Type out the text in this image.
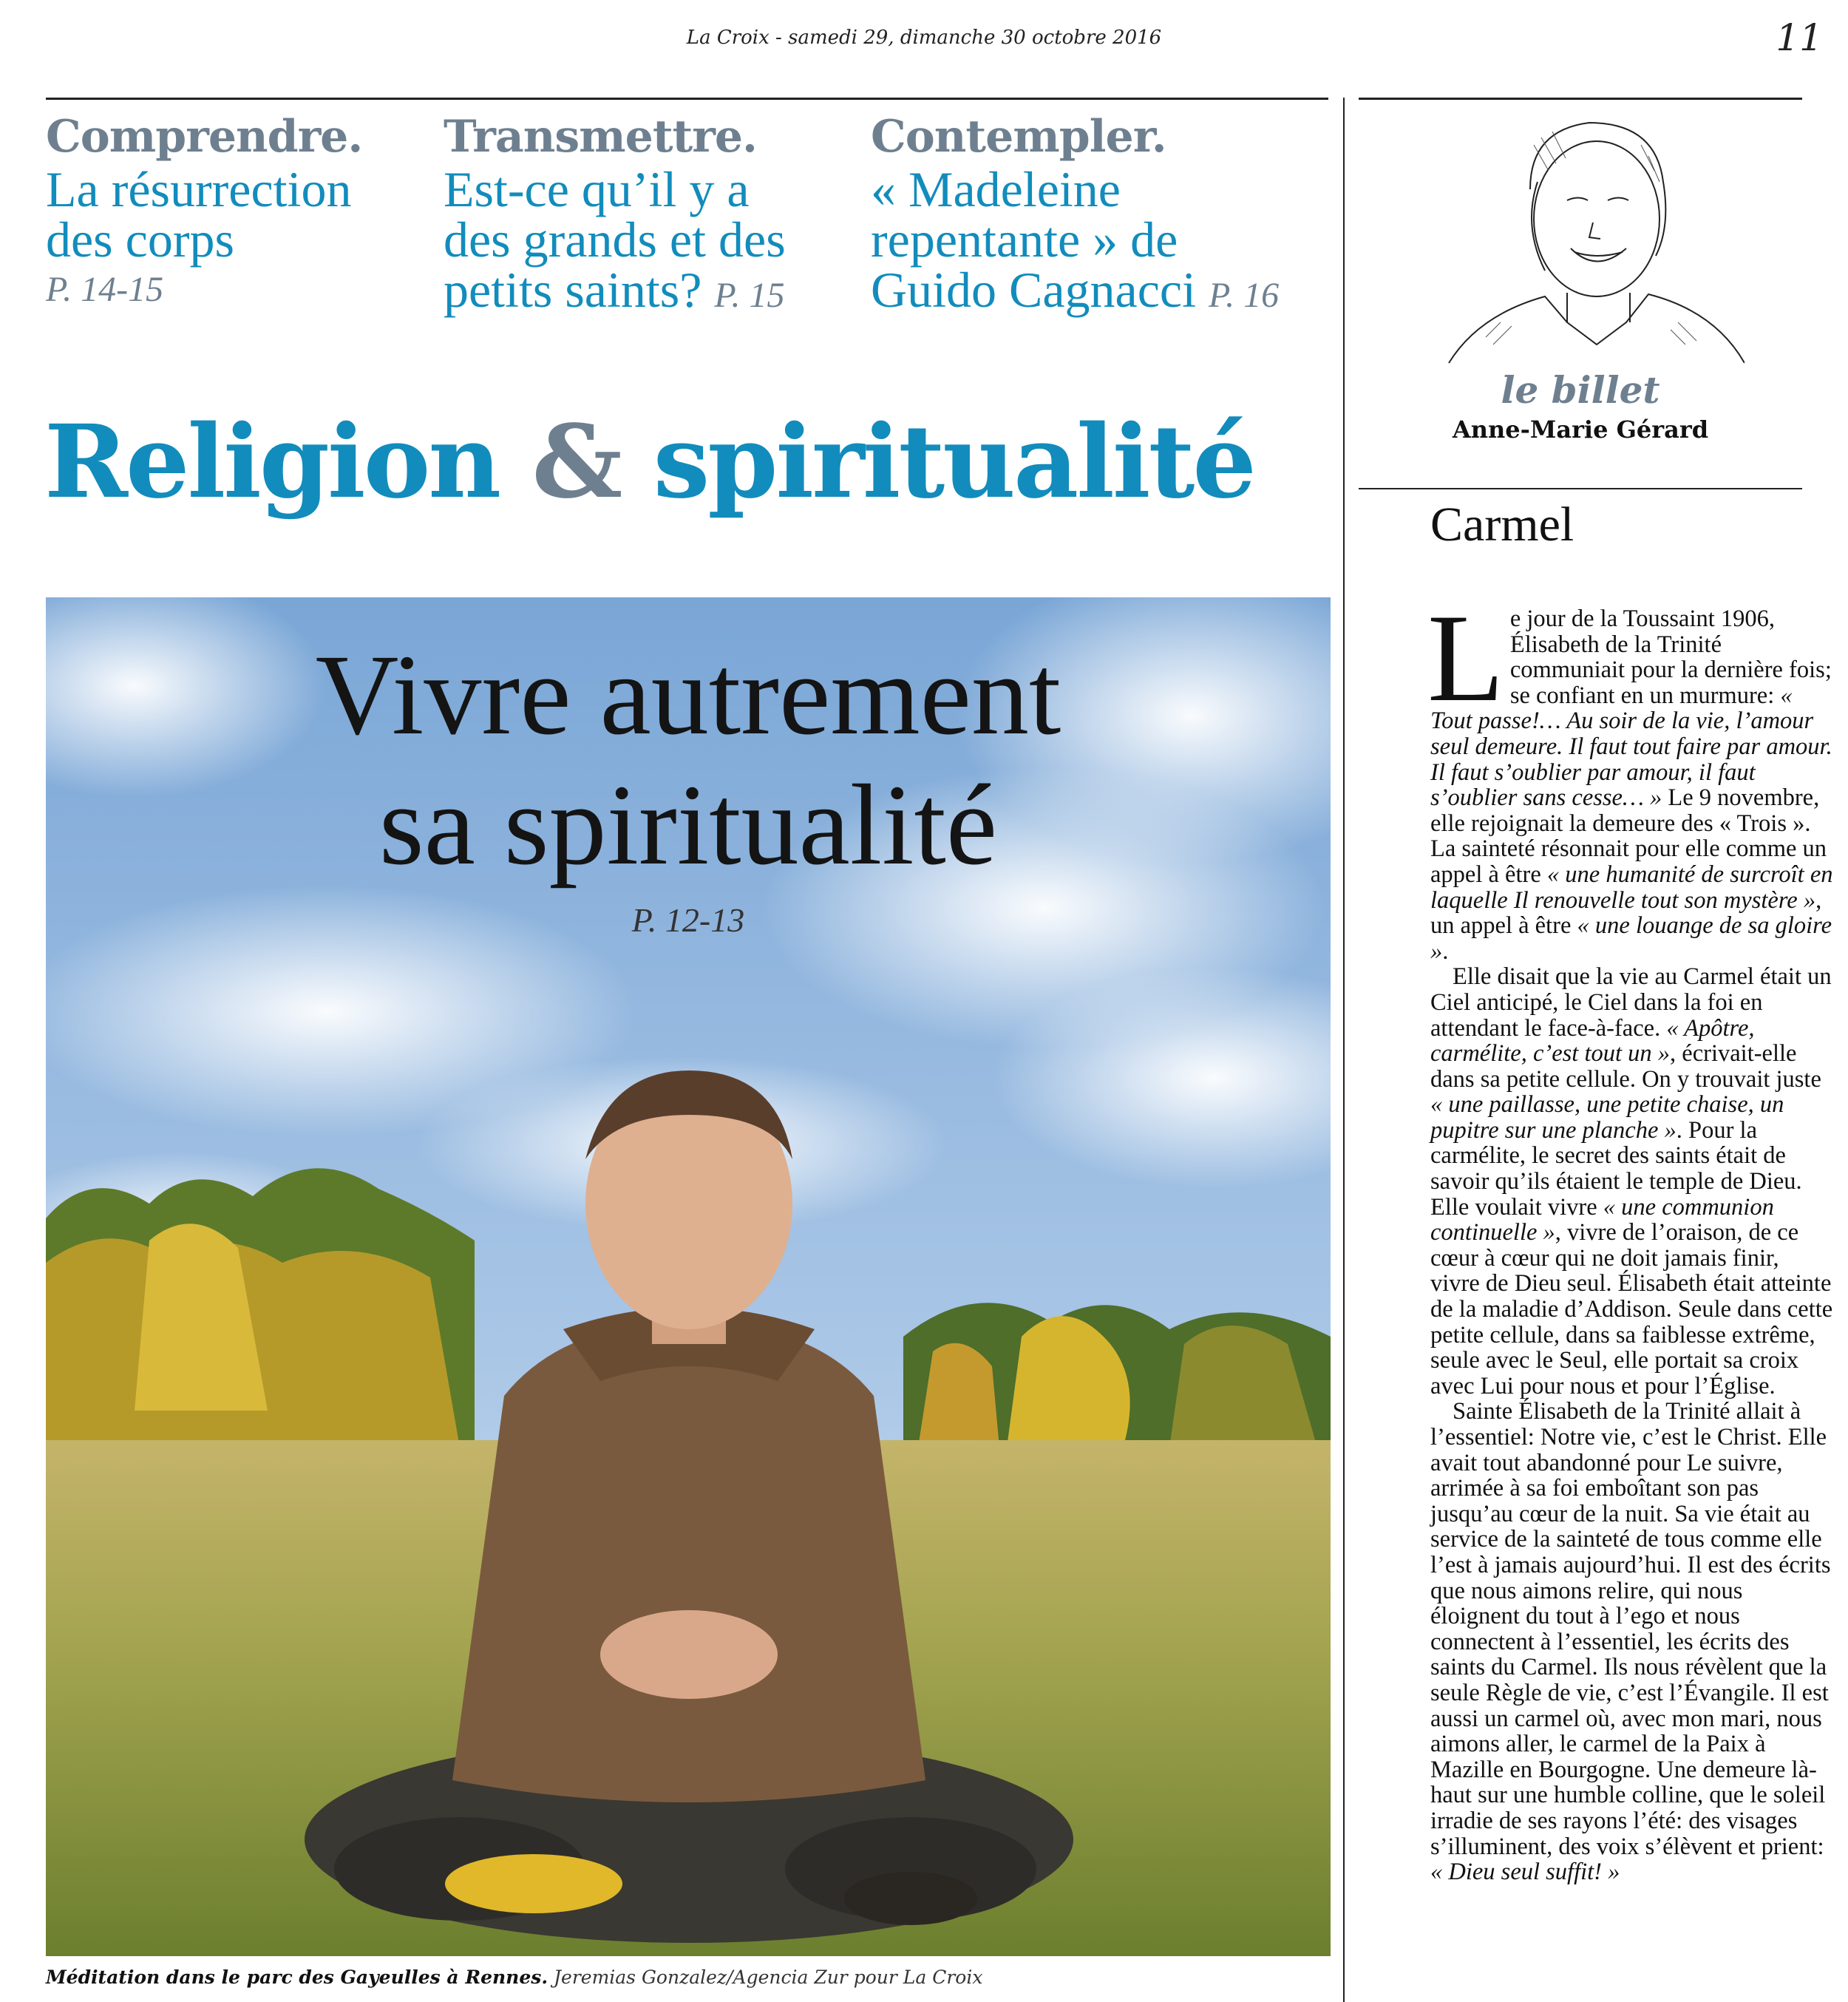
La Croix - samedi 29, dimanche 30 octobre 2016	11
Comprendre.
La résurrection
des corps
P. 14-15
Transmettre.
Est-ce qu’il y a
des grands et des
petits saints? P. 15
Contempler.
« Madeleine
repentante » de
Guido Cagnacci P. 16
Religion & spiritualité
Vivre autrement
sa spiritualité
P. 12-13
Méditation dans le parc des Gayeulles à Rennes. Jeremias Gonzalez/Agencia Zur pour La Croix
le billet
Anne-Marie Gérard
Carmel

Le jour de la Toussaint 1906, Élisabeth de la Trinité communiait pour la dernière fois; se confiant en un murmure: « Tout passe!… Au soir de la vie, l’amour seul demeure. Il faut tout faire par amour. Il faut s’oublier par amour, il faut s’oublier sans cesse… » Le 9 novembre, elle rejoignait la demeure des « Trois ». La sainteté résonnait pour elle comme un appel à être « une humanité de surcroît en laquelle Il renouvelle tout son mystère », un appel à être « une louange de sa gloire ».

Elle disait que la vie au Carmel était un Ciel anticipé, le Ciel dans la foi en attendant le face-à-face. « Apôtre, carmélite, c’est tout un », écrivait-elle dans sa petite cellule. On y trouvait juste « une paillasse, une petite chaise, un pupitre sur une planche ». Pour la carmélite, le secret des saints était de savoir qu’ils étaient le temple de Dieu. Elle voulait vivre « une communion continuelle », vivre de l’oraison, de ce cœur à cœur qui ne doit jamais finir, vivre de Dieu seul. Élisabeth était atteinte de la maladie d’Addison. Seule dans cette petite cellule, dans sa faiblesse extrême, seule avec le Seul, elle portait sa croix avec Lui pour nous et pour l’Église.

Sainte Élisabeth de la Trinité allait à l’essentiel: Notre vie, c’est le Christ. Elle avait tout abandonné pour Le suivre, arrimée à sa foi emboîtant son pas jusqu’au cœur de la nuit. Sa vie était au service de la sainteté de tous comme elle l’est à jamais aujourd’hui. Il est des écrits que nous aimons relire, qui nous éloignent du tout à l’ego et nous connectent à l’essentiel, les écrits des saints du Carmel. Ils nous révèlent que la seule Règle de vie, c’est l’Évangile. Il est aussi un carmel où, avec mon mari, nous aimons aller, le carmel de la Paix à Mazille en Bourgogne. Une demeure là-haut sur une humble colline, que le soleil irradie de ses rayons l’été: des visages s’illuminent, des voix s’élèvent et prient: « Dieu seul suffit! »
